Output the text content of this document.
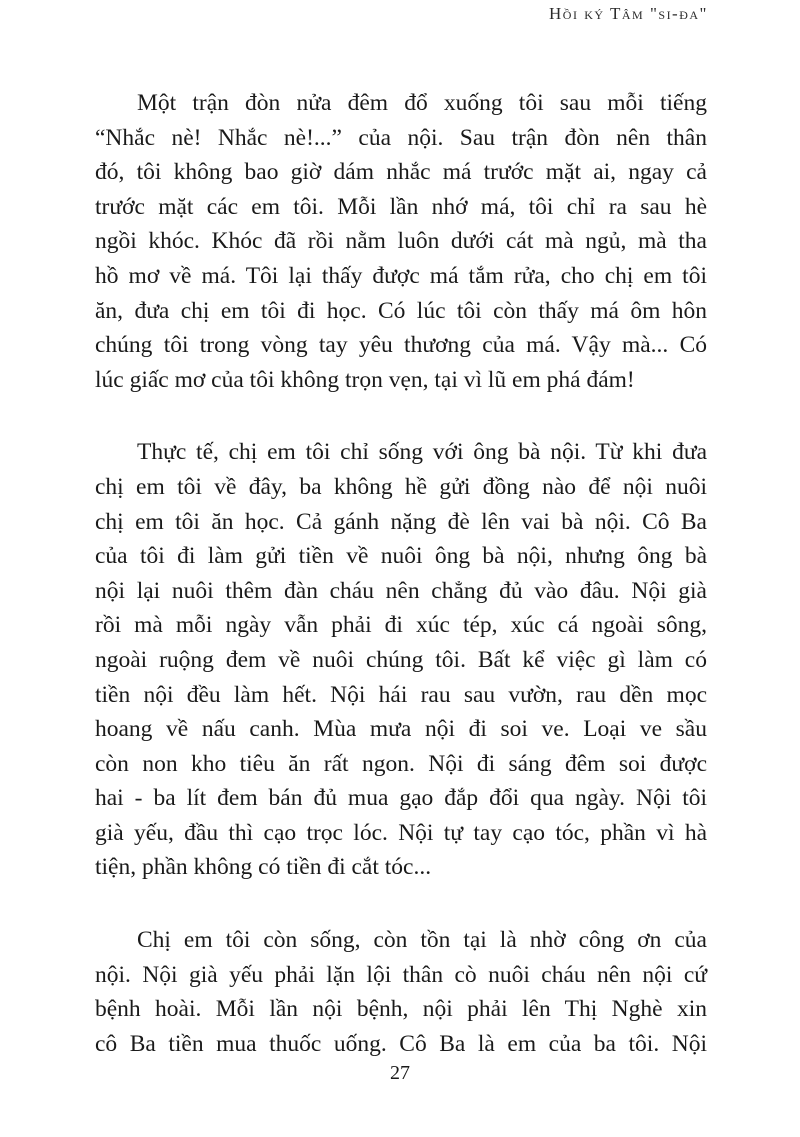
Hồi ký Tâm "si-đa"
Một trận đòn nửa đêm đổ xuống tôi sau mỗi tiếng
“Nhắc nè! Nhắc nè!...” của nội. Sau trận đòn nên thân
đó, tôi không bao giờ dám nhắc má trước mặt ai, ngay cả
trước mặt các em tôi. Mỗi lần nhớ má, tôi chỉ ra sau hè
ngồi khóc. Khóc đã rồi nằm luôn dưới cát mà ngủ, mà tha
hồ mơ về má. Tôi lại thấy được má tắm rửa, cho chị em tôi
ăn, đưa chị em tôi đi học. Có lúc tôi còn thấy má ôm hôn
chúng tôi trong vòng tay yêu thương của má. Vậy mà... Có
lúc giấc mơ của tôi không trọn vẹn, tại vì lũ em phá đám!
Thực tế, chị em tôi chỉ sống với ông bà nội. Từ khi đưa
chị em tôi về đây, ba không hề gửi đồng nào để nội nuôi
chị em tôi ăn học. Cả gánh nặng đè lên vai bà nội. Cô Ba
của tôi đi làm gửi tiền về nuôi ông bà nội, nhưng ông bà
nội lại nuôi thêm đàn cháu nên chẳng đủ vào đâu. Nội già
rồi mà mỗi ngày vẫn phải đi xúc tép, xúc cá ngoài sông,
ngoài ruộng đem về nuôi chúng tôi. Bất kể việc gì làm có
tiền nội đều làm hết. Nội hái rau sau vườn, rau dền mọc
hoang về nấu canh. Mùa mưa nội đi soi ve. Loại ve sầu
còn non kho tiêu ăn rất ngon. Nội đi sáng đêm soi được
hai - ba lít đem bán đủ mua gạo đắp đổi qua ngày. Nội tôi
già yếu, đầu thì cạo trọc lóc. Nội tự tay cạo tóc, phần vì hà
tiện, phần không có tiền đi cắt tóc...
Chị em tôi còn sống, còn tồn tại là nhờ công ơn của
nội. Nội già yếu phải lặn lội thân cò nuôi cháu nên nội cứ
bệnh hoài. Mỗi lần nội bệnh, nội phải lên Thị Nghè xin
cô Ba tiền mua thuốc uống. Cô Ba là em của ba tôi. Nội
27
